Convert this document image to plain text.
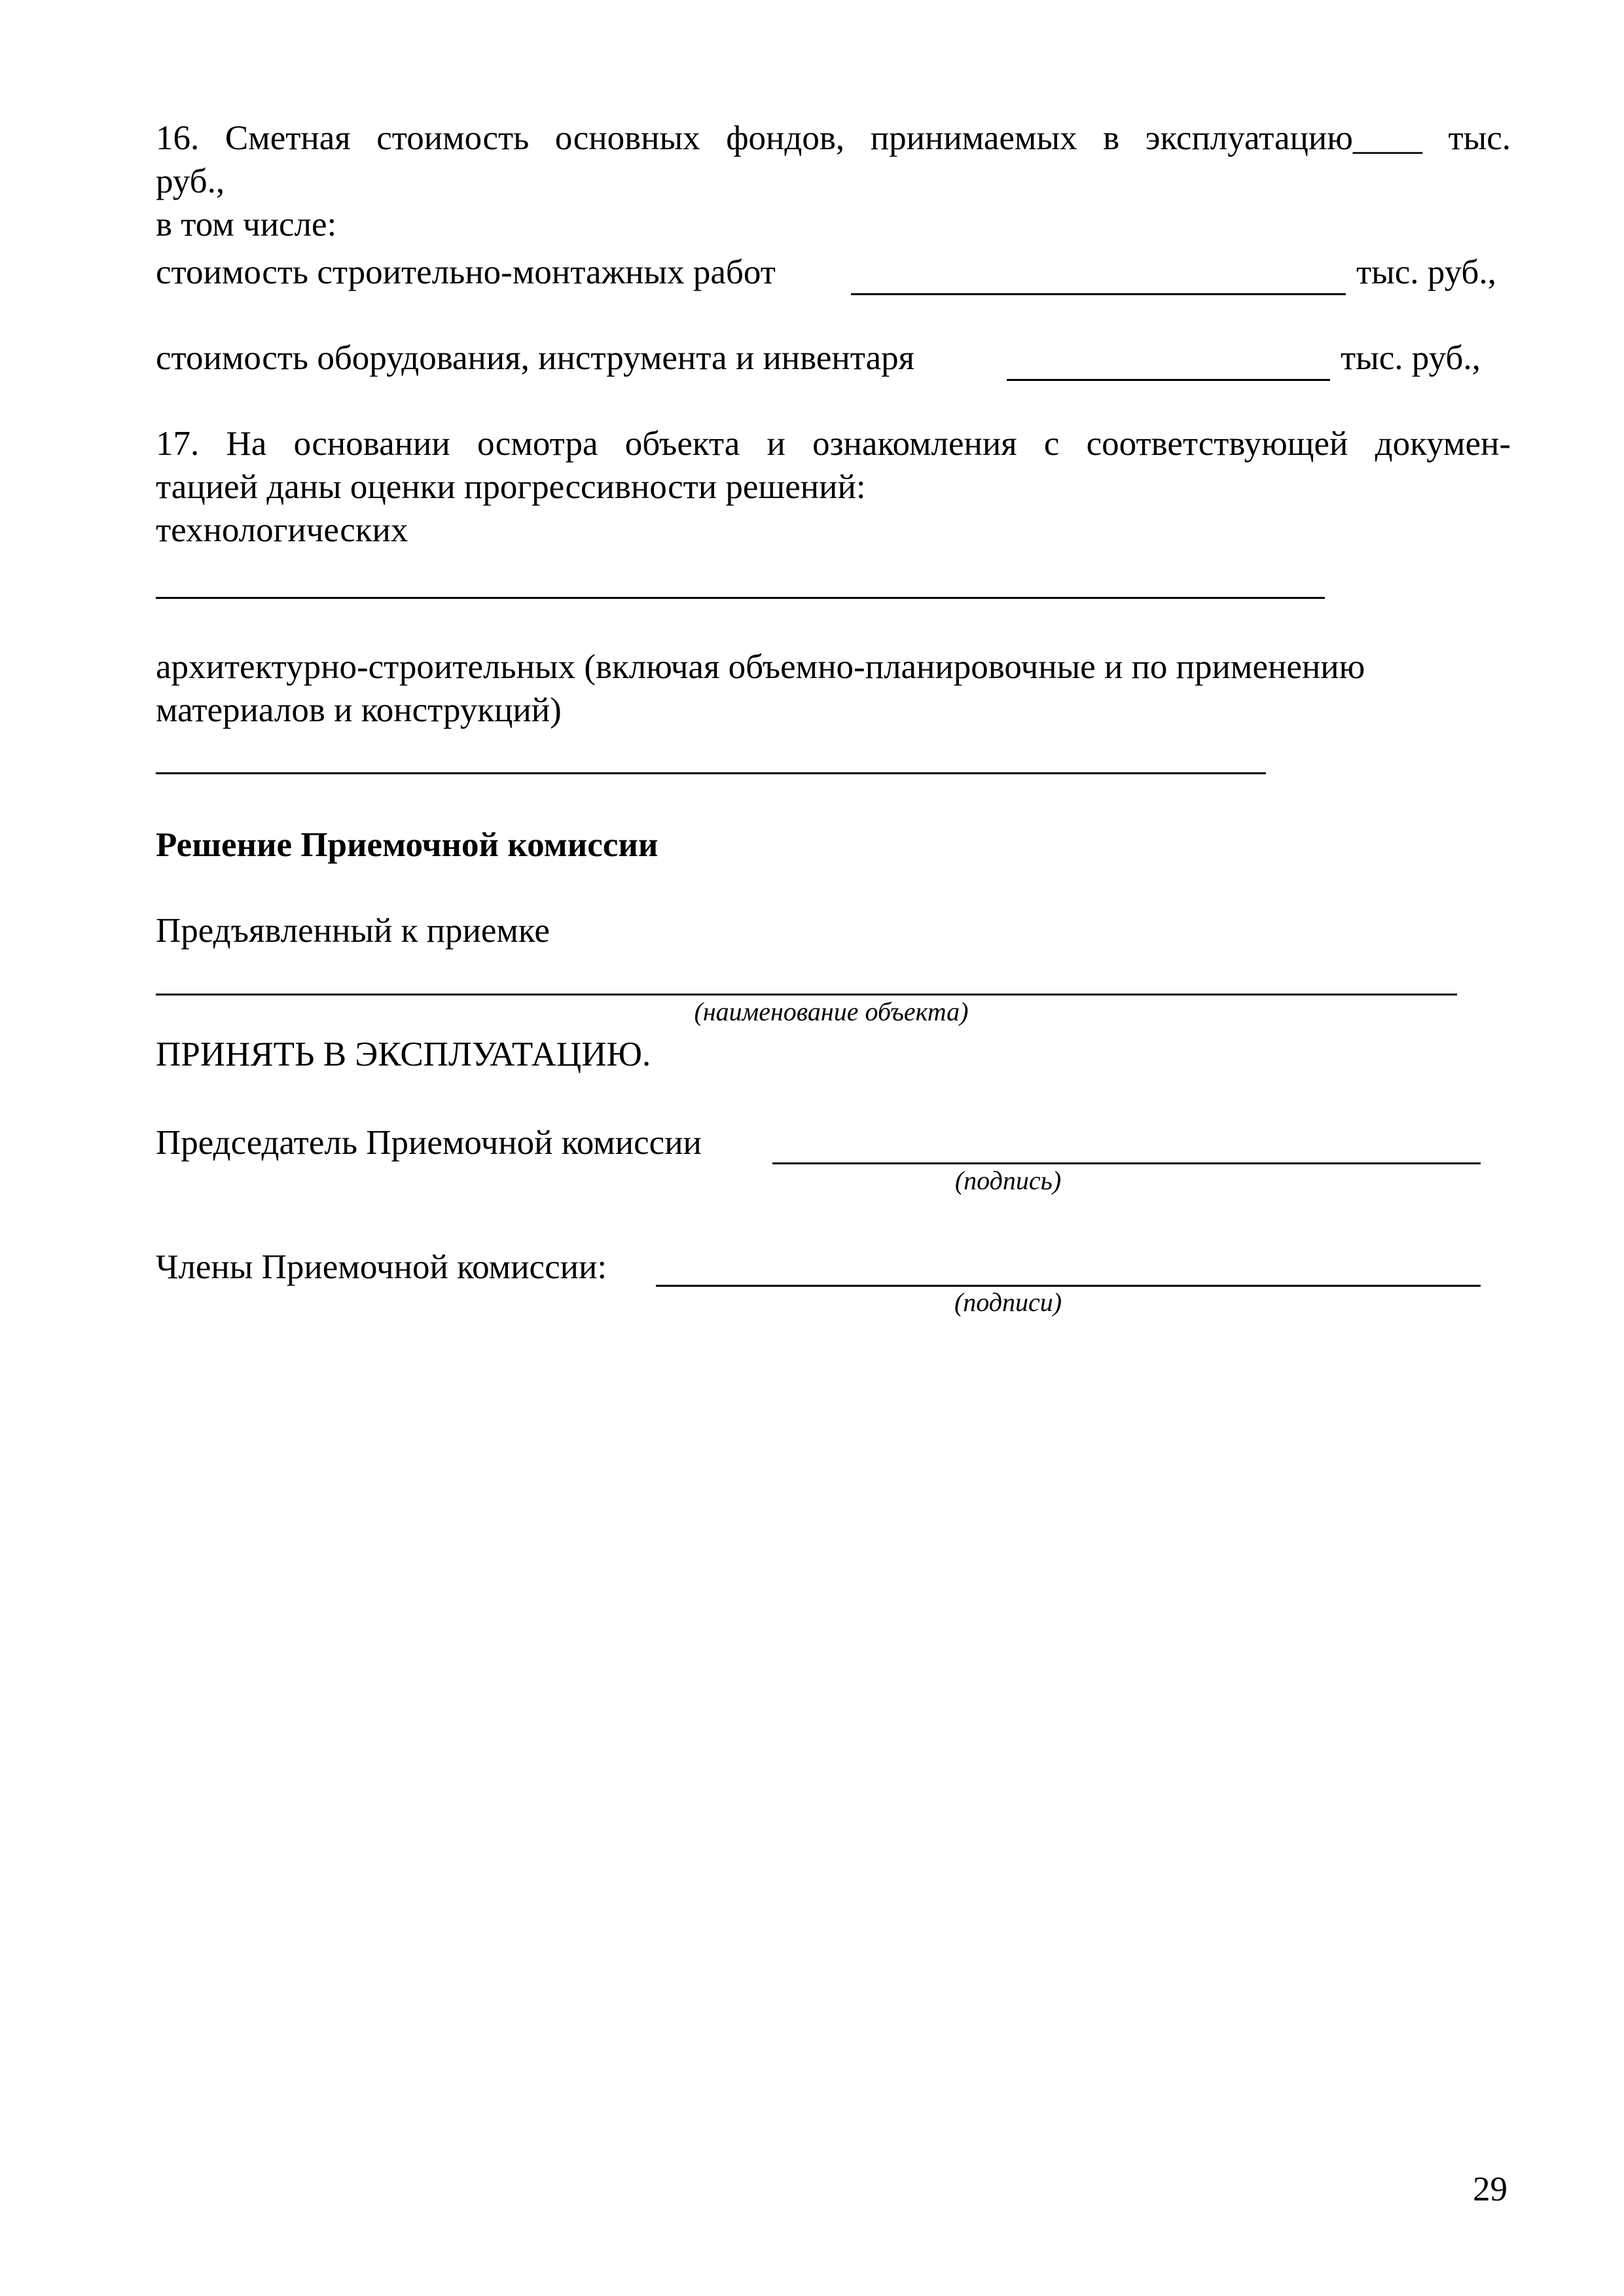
16. Сметная стоимость основных фондов, принимаемых в эксплуатацию____ тыс.
руб.,
в том числе:
стоимость строительно-монтажных работ	тыс. руб.,
стоимость оборудования, инструмента и инвентаря	тыс. руб.,
17. На основании осмотра объекта и ознакомления с соответствующей докумен-
тацией даны оценки прогрессивности решений:
технологических
архитектурно-строительных (включая объемно-планировочные и по применению
материалов и конструкций)
Решение Приемочной комиссии
Предъявленный к приемке
(наименование объекта)
ПРИНЯТЬ В ЭКСПЛУАТАЦИЮ.
Председатель Приемочной комиссии
(подпись)
Члены Приемочной комиссии:
(подписи)
29
